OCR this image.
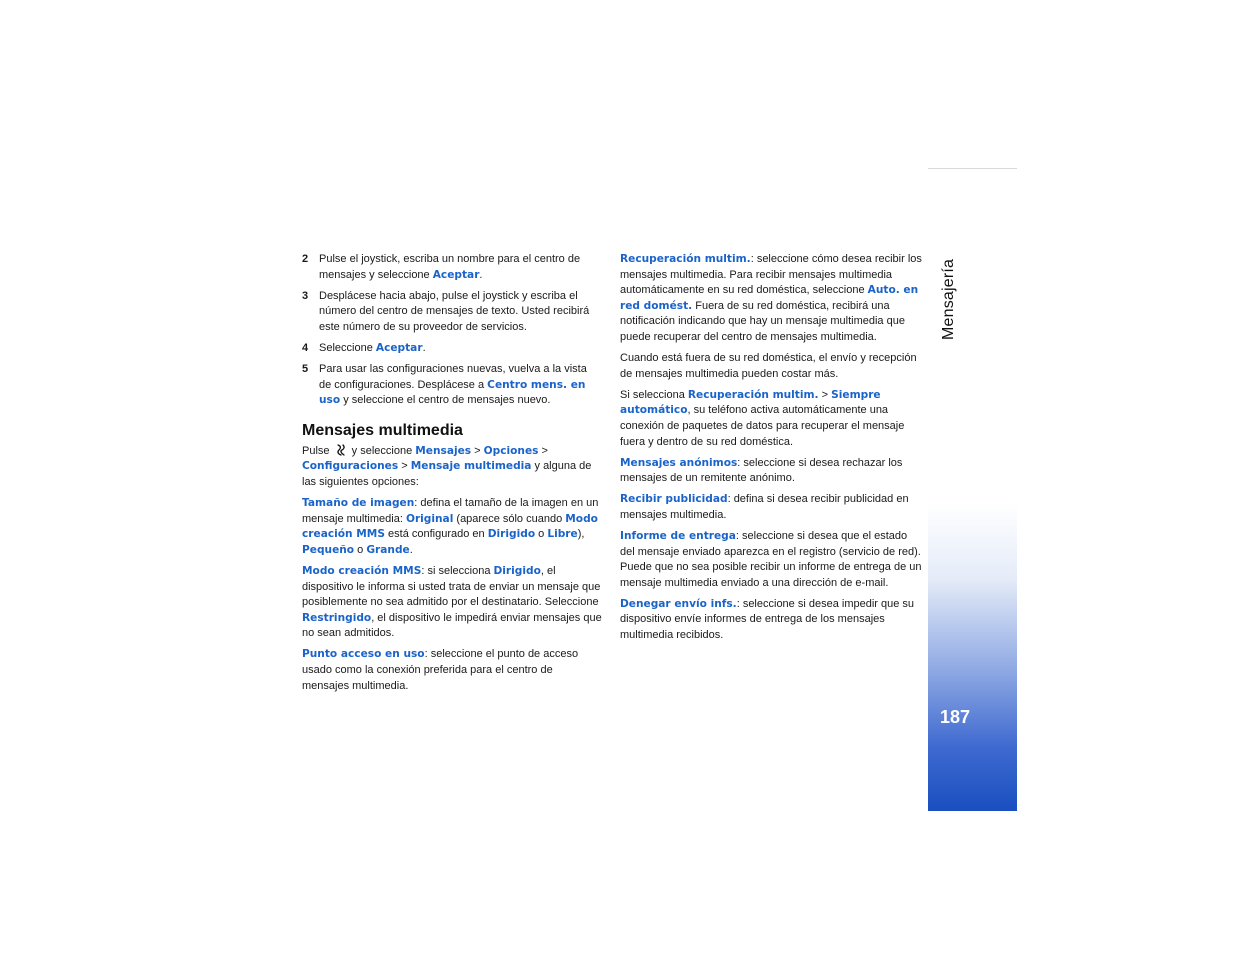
Mensajería
187
2 Pulse el joystick, escriba un nombre para el centro de mensajes y seleccione Aceptar.
3 Desplácese hacia abajo, pulse el joystick y escriba el número del centro de mensajes de texto. Usted recibirá este número de su proveedor de servicios.
4 Seleccione Aceptar.
5 Para usar las configuraciones nuevas, vuelva a la vista de configuraciones. Desplácese a Centro mens. en uso y seleccione el centro de mensajes nuevo.
Mensajes multimedia

Pulse y seleccione Mensajes > Opciones > Configuraciones > Mensaje multimedia y alguna de las siguientes opciones:

Tamaño de imagen: defina el tamaño de la imagen en un mensaje multimedia: Original (aparece sólo cuando Modo creación MMS está configurado en Dirigido o Libre), Pequeño o Grande.

Modo creación MMS: si selecciona Dirigido, el dispositivo le informa si usted trata de enviar un mensaje que posiblemente no sea admitido por el destinatario. Seleccione Restringido, el dispositivo le impedirá enviar mensajes que no sean admitidos.

Punto acceso en uso: seleccione el punto de acceso usado como la conexión preferida para el centro de mensajes multimedia.

Recuperación multim.: seleccione cómo desea recibir los mensajes multimedia. Para recibir mensajes multimedia automáticamente en su red doméstica, seleccione Auto. en red domést. Fuera de su red doméstica, recibirá una notificación indicando que hay un mensaje multimedia que puede recuperar del centro de mensajes multimedia.

Cuando está fuera de su red doméstica, el envío y recepción de mensajes multimedia pueden costar más.

Si selecciona Recuperación multim. > Siempre automático, su teléfono activa automáticamente una conexión de paquetes de datos para recuperar el mensaje fuera y dentro de su red doméstica.

Mensajes anónimos: seleccione si desea rechazar los mensajes de un remitente anónimo.

Recibir publicidad: defina si desea recibir publicidad en mensajes multimedia.

Informe de entrega: seleccione si desea que el estado del mensaje enviado aparezca en el registro (servicio de red). Puede que no sea posible recibir un informe de entrega de un mensaje multimedia enviado a una dirección de e-mail.

Denegar envío infs.: seleccione si desea impedir que su dispositivo envíe informes de entrega de los mensajes multimedia recibidos.
